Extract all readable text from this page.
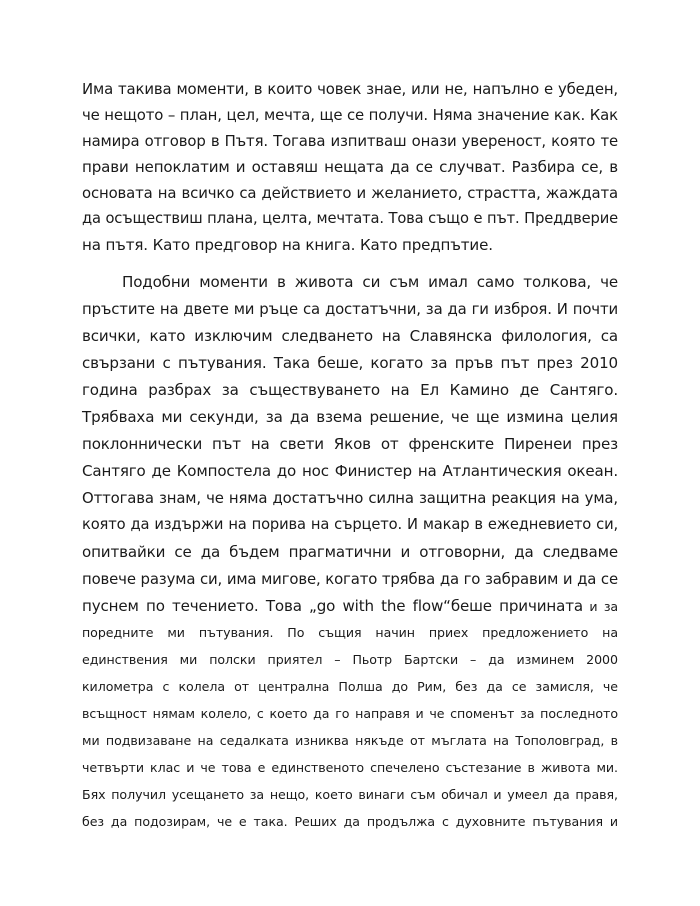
Има такива моменти, в които човек знае, или не, напълно е убеден,
че нещото – план, цел, мечта, ще се получи. Няма значение как. Как
намира отговор в Пътя. Тогава изпитваш онази увереност, която те
прави непоклатим и оставяш нещата да се случват. Разбира се, в
основата на всичко са действието и желанието, страстта, жаждата
да осъществиш плана, целта, мечтата. Това също е път. Преддверие
на пътя. Като предговор на книга. Като предпътие.
Подобни моменти в живота си съм имал само толкова, че
пръстите на двете ми ръце са достатъчни, за да ги изброя. И почти
всички, като изключим следването на Славянска филология, са
свързани с пътувания. Така беше, когато за пръв път през 2010
година разбрах за съществуването на Ел Камино де Сантяго.
Трябваха ми секунди, за да взема решение, че ще измина целия
поклоннически път на свети Яков от френските Пиренеи през
Сантяго де Компостела до нос Финистер на Атлантическия океан.
Оттогава знам, че няма достатъчно силна защитна реакция на ума,
която да издържи на порива на сърцето. И макар в ежедневието си,
опитвайки се да бъдем прагматични и отговорни, да следваме
повече разума си, има мигове, когато трябва да го забравим и да се
пуснем по течението. Това „go with the flow“беше причината и за
поредните ми пътувания. По същия начин приех предложението на
единствения ми полски приятел – Пьотр Бартски – да изминем 2000
километра с колела от централна Полша до Рим, без да се замисля, че
всъщност нямам колело, с което да го направя и че споменът за последното
ми подвизаване на седалката изниква някъде от мъглата на Тополовград, в
четвърти клас и че това е единственото спечелено състезание в живота ми.
Бях получил усещането за нещо, което винаги съм обичал и умеел да правя,
без да подозирам, че е така. Реших да продължа с духовните пътувания и
